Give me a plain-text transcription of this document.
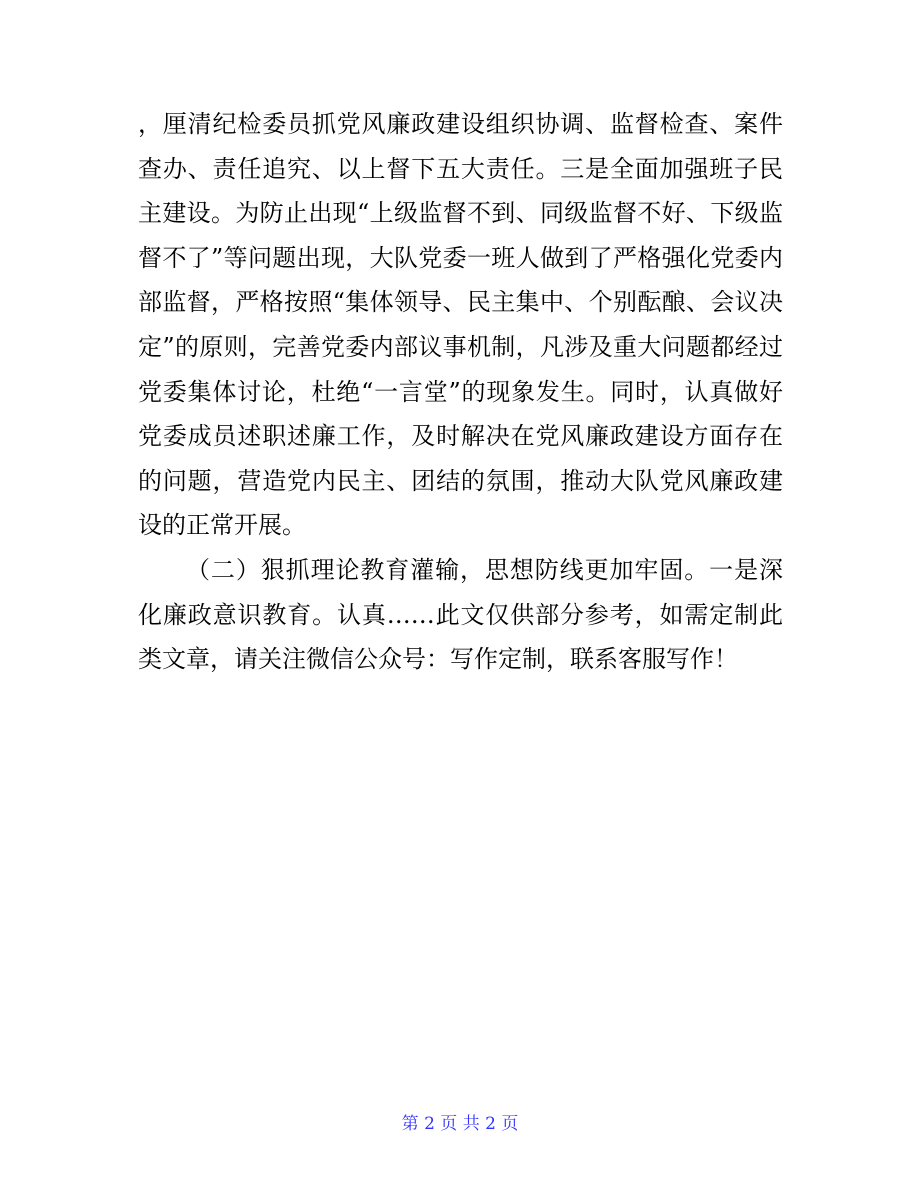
，厘清纪检委员抓党风廉政建设组织协调、监督检查、案件查办、责任追究、以上督下五大责任。三是全面加强班子民主建设。为防止出现“上级监督不到、同级监督不好、下级监督不了”等问题出现，大队党委一班人做到了严格强化党委内部监督，严格按照“集体领导、民主集中、个别酝酿、会议决定”的原则，完善党委内部议事机制，凡涉及重大问题都经过党委集体讨论，杜绝“一言堂”的现象发生。同时，认真做好党委成员述职述廉工作，及时解决在党风廉政建设方面存在的问题，营造党内民主、团结的氛围，推动大队党风廉政建设的正常开展。

（二）狠抓理论教育灌输，思想防线更加牢固。一是深化廉政意识教育。认真……此文仅供部分参考，如需定制此类文章，请关注微信公众号：写作定制，联系客服写作！

第 2 页 共 2 页
